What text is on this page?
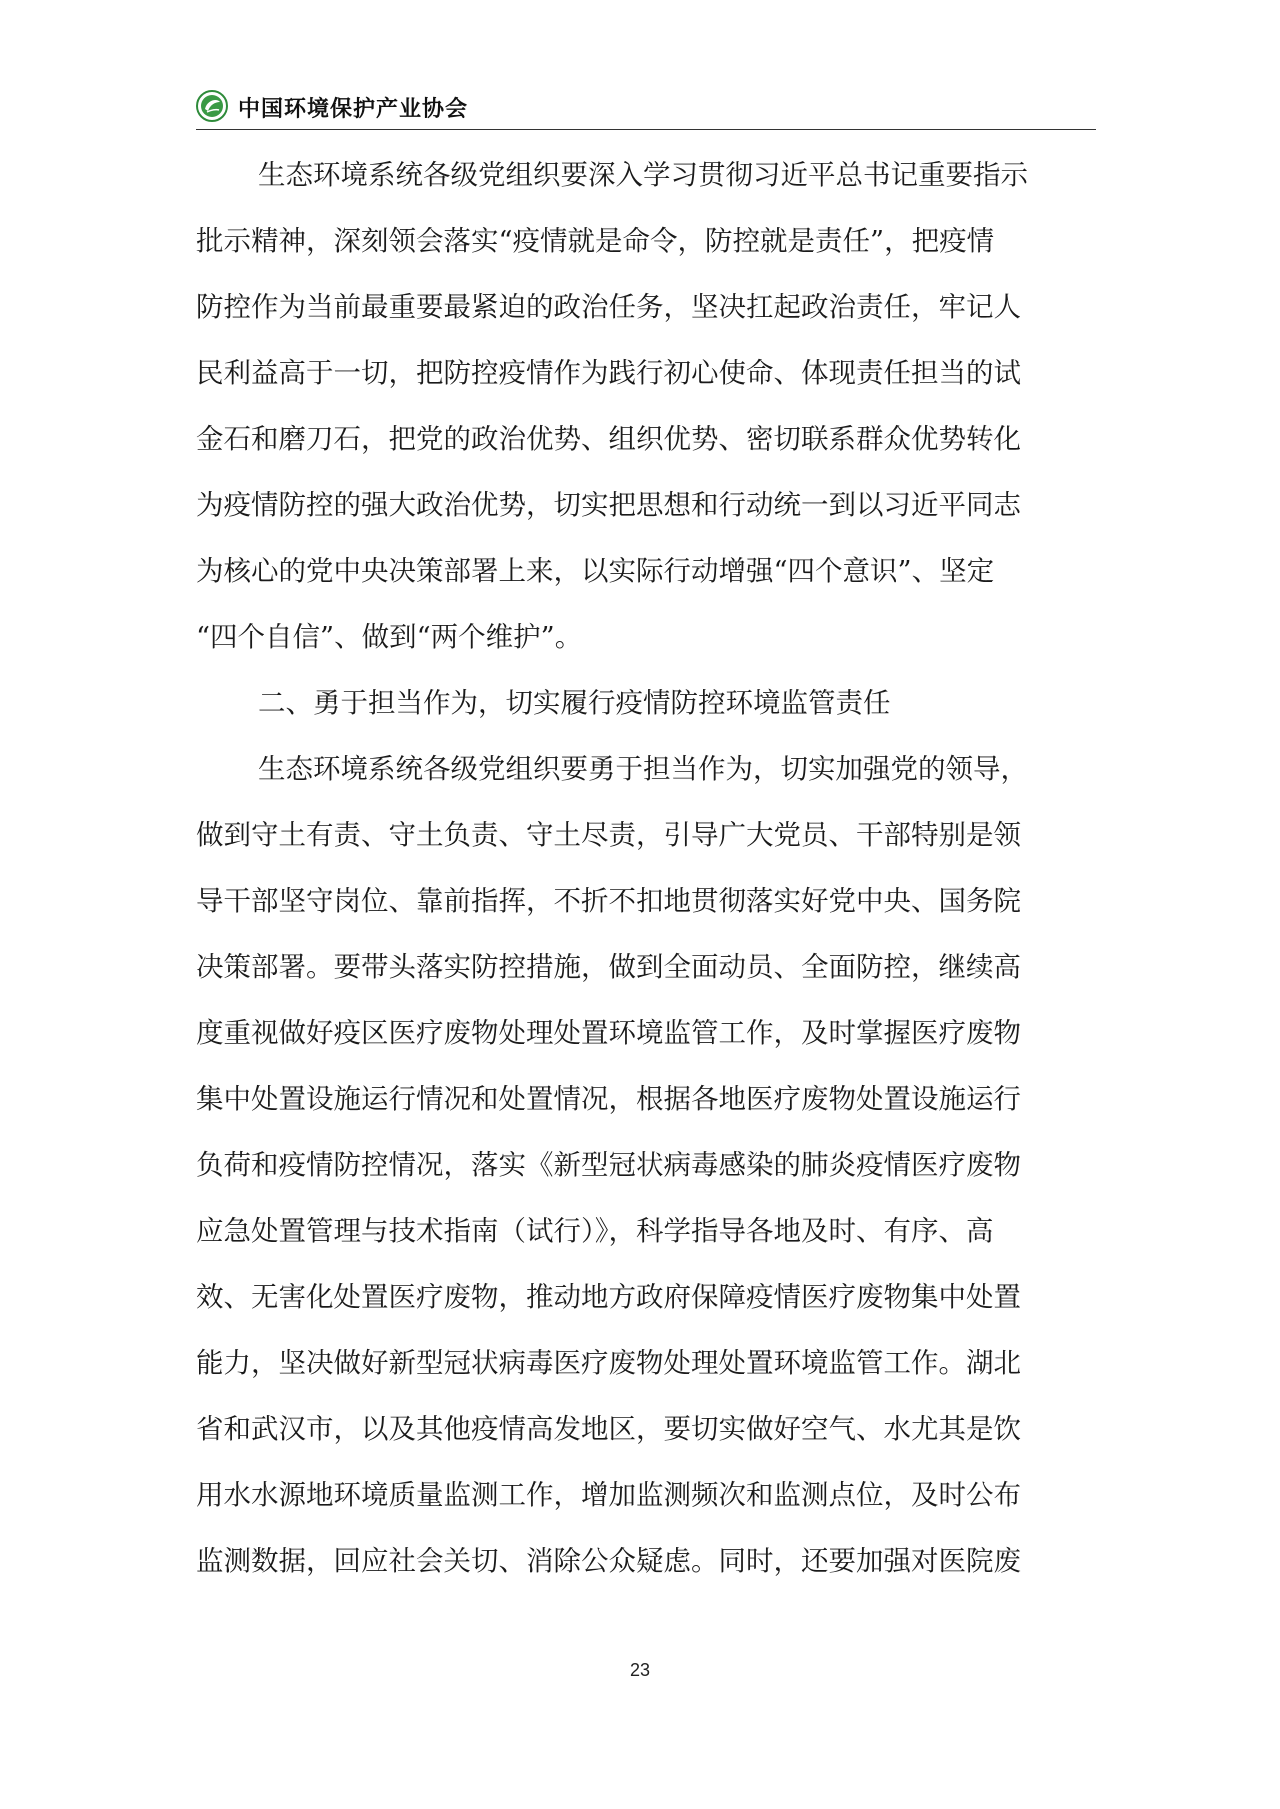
中国环境保护产业协会
生态环境系统各级党组织要深入学习贯彻习近平总书记重要指示
批示精神，深刻领会落实“疫情就是命令，防控就是责任”，把疫情
防控作为当前最重要最紧迫的政治任务，坚决扛起政治责任，牢记人
民利益高于一切，把防控疫情作为践行初心使命、体现责任担当的试
金石和磨刀石，把党的政治优势、组织优势、密切联系群众优势转化
为疫情防控的强大政治优势，切实把思想和行动统一到以习近平同志
为核心的党中央决策部署上来，以实际行动增强“四个意识”、坚定
“四个自信”、做到“两个维护”。
二、勇于担当作为，切实履行疫情防控环境监管责任
生态环境系统各级党组织要勇于担当作为，切实加强党的领导，
做到守土有责、守土负责、守土尽责，引导广大党员、干部特别是领
导干部坚守岗位、靠前指挥，不折不扣地贯彻落实好党中央、国务院
决策部署。要带头落实防控措施，做到全面动员、全面防控，继续高
度重视做好疫区医疗废物处理处置环境监管工作，及时掌握医疗废物
集中处置设施运行情况和处置情况，根据各地医疗废物处置设施运行
负荷和疫情防控情况，落实《新型冠状病毒感染的肺炎疫情医疗废物
应急处置管理与技术指南（试行）》，科学指导各地及时、有序、高
效、无害化处置医疗废物，推动地方政府保障疫情医疗废物集中处置
能力，坚决做好新型冠状病毒医疗废物处理处置环境监管工作。湖北
省和武汉市，以及其他疫情高发地区，要切实做好空气、水尤其是饮
用水水源地环境质量监测工作，增加监测频次和监测点位，及时公布
监测数据，回应社会关切、消除公众疑虑。同时，还要加强对医院废
23
